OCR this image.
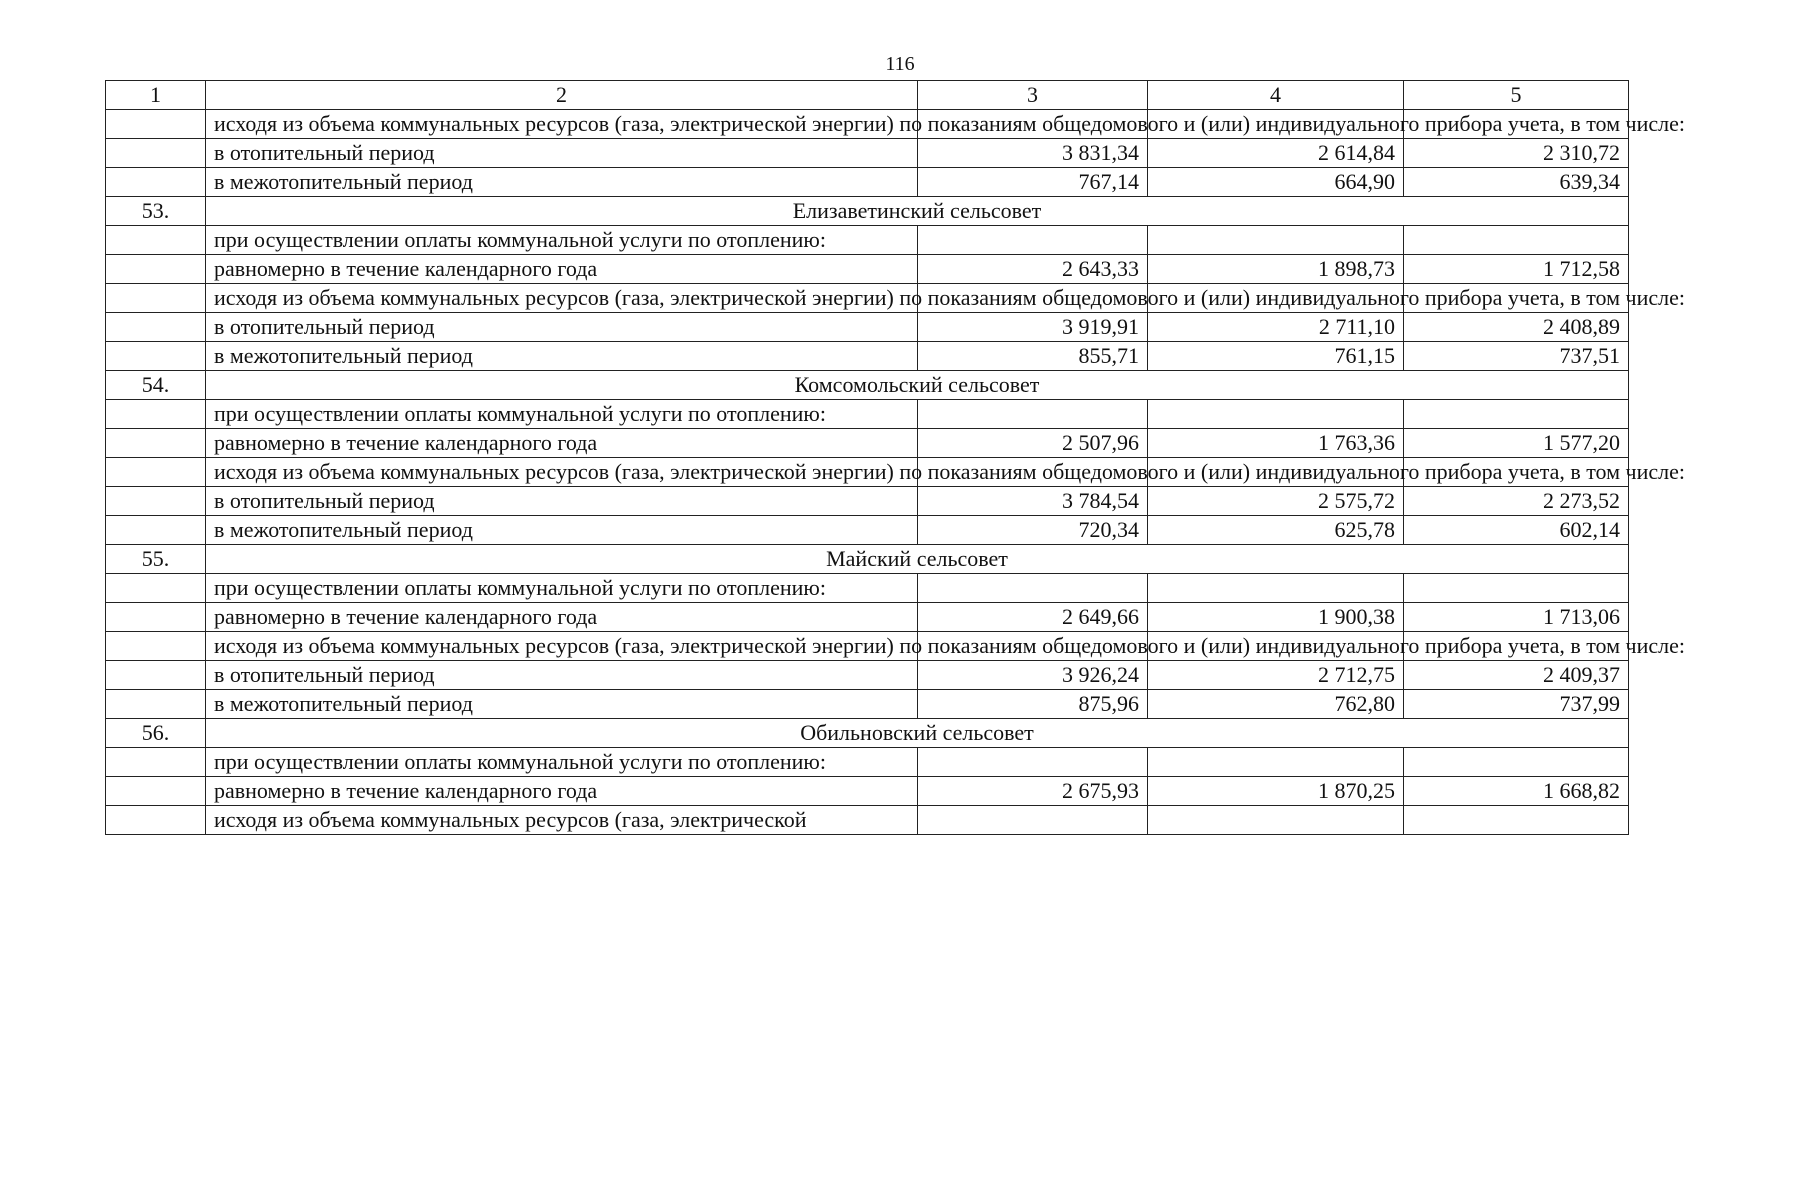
116
1	2	3	4	5
	исходя из объема коммунальных ресурсов (газа, электрической энергии) по показаниям общедомового и (или) индивидуального прибора учета, в том числе:			
	в отопительный период	3 831,34	2 614,84	2 310,72
	в межотопительный период	767,14	664,90	639,34
53.	Елизаветинский сельсовет			
	при осуществлении оплаты коммунальной услуги по отоплению:			
	равномерно в течение календарного года	2 643,33	1 898,73	1 712,58
	исходя из объема коммунальных ресурсов (газа, электрической энергии) по показаниям общедомового и (или) индивидуального прибора учета, в том числе:			
	в отопительный период	3 919,91	2 711,10	2 408,89
	в межотопительный период	855,71	761,15	737,51
54.	Комсомольский сельсовет			
	при осуществлении оплаты коммунальной услуги по отоплению:			
	равномерно в течение календарного года	2 507,96	1 763,36	1 577,20
	исходя из объема коммунальных ресурсов (газа, электрической энергии) по показаниям общедомового и (или) индивидуального прибора учета, в том числе:			
	в отопительный период	3 784,54	2 575,72	2 273,52
	в межотопительный период	720,34	625,78	602,14
55.	Майский сельсовет			
	при осуществлении оплаты коммунальной услуги по отоплению:			
	равномерно в течение календарного года	2 649,66	1 900,38	1 713,06
	исходя из объема коммунальных ресурсов (газа, электрической энергии) по показаниям общедомового и (или) индивидуального прибора учета, в том числе:			
	в отопительный период	3 926,24	2 712,75	2 409,37
	в межотопительный период	875,96	762,80	737,99
56.	Обильновский сельсовет			
	при осуществлении оплаты коммунальной услуги по отоплению:			
	равномерно в течение календарного года	2 675,93	1 870,25	1 668,82
	исходя из объема коммунальных ресурсов (газа, электрической			
